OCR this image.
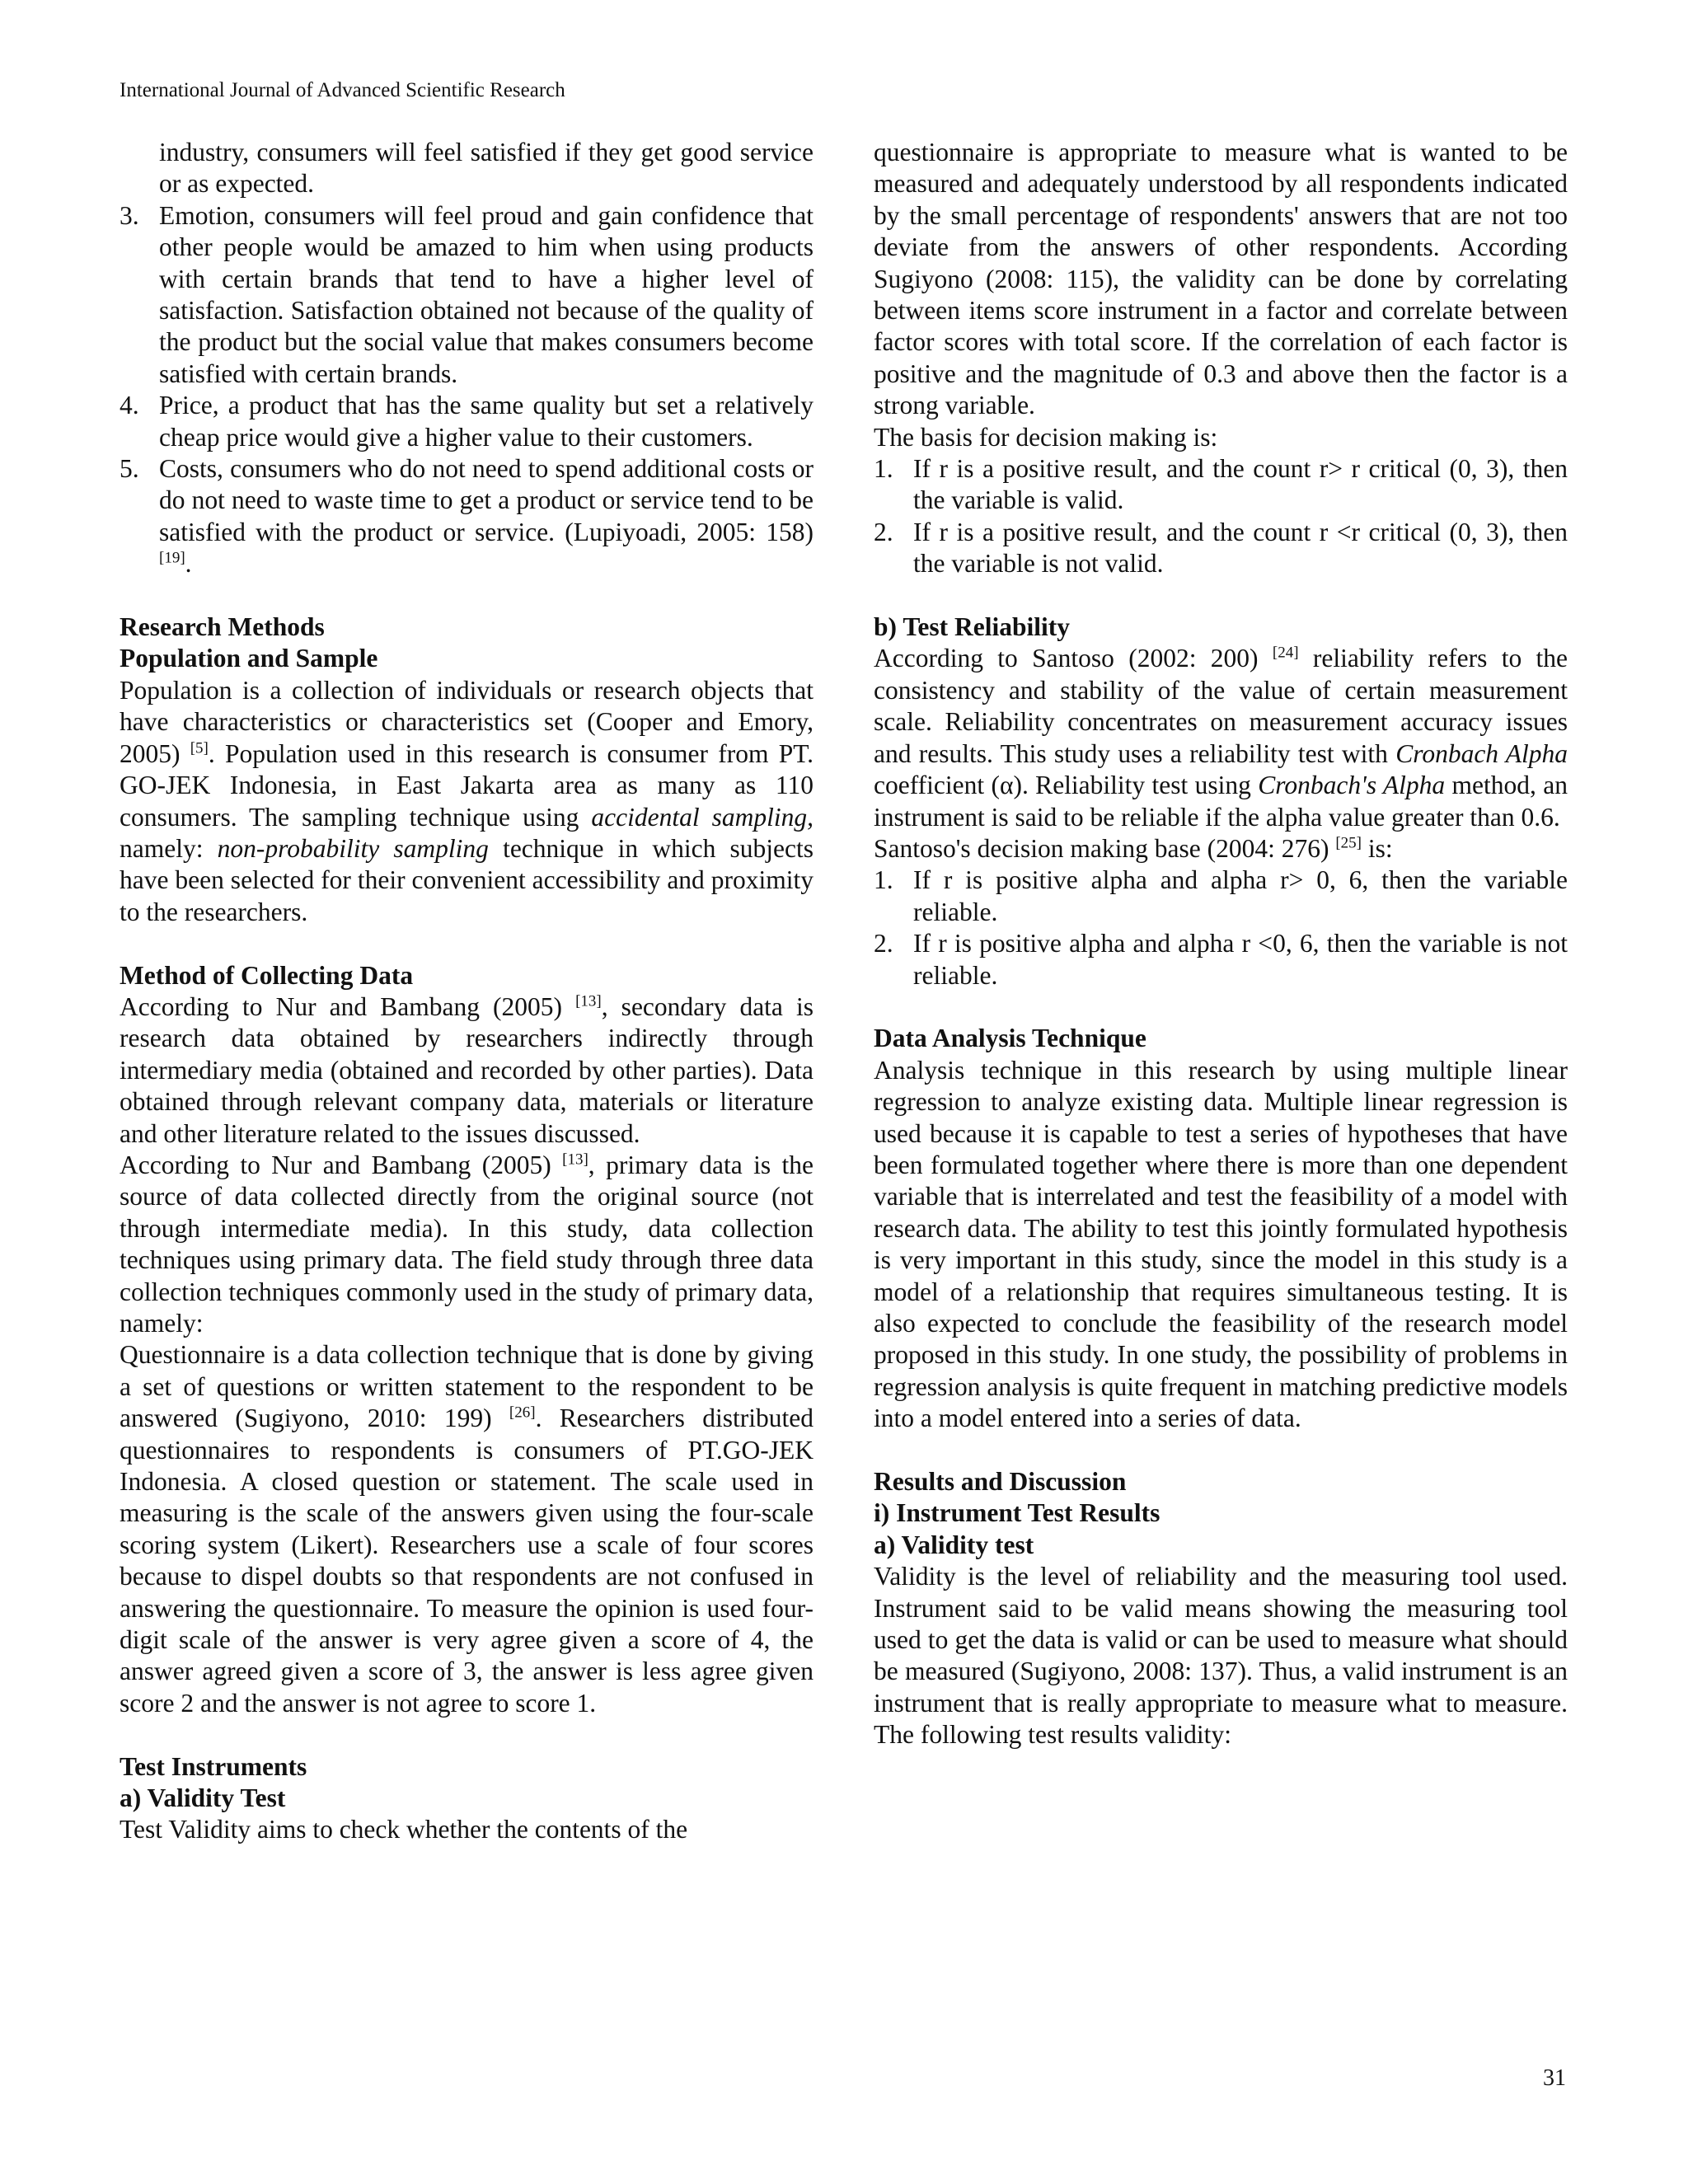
International Journal of Advanced Scientific Research

industry, consumers will feel satisfied if they get good service or as expected.

3. Emotion, consumers will feel proud and gain confidence that other people would be amazed to him when using products with certain brands that tend to have a higher level of satisfaction. Satisfaction obtained not because of the quality of the product but the social value that makes consumers become satisfied with certain brands.
4. Price, a product that has the same quality but set a relatively cheap price would give a higher value to their customers.
5. Costs, consumers who do not need to spend additional costs or do not need to waste time to get a product or service tend to be satisfied with the product or service. (Lupiyoadi, 2005: 158) [19].

Research Methods

Population and Sample

Population is a collection of individuals or research objects that have characteristics or characteristics set (Cooper and Emory, 2005) [5]. Population used in this research is consumer from PT. GO-JEK Indonesia, in East Jakarta area as many as 110 consumers. The sampling technique using accidental sampling, namely: non-probability sampling technique in which subjects have been selected for their convenient accessibility and proximity to the researchers.

Method of Collecting Data

According to Nur and Bambang (2005) [13], secondary data is research data obtained by researchers indirectly through intermediary media (obtained and recorded by other parties). Data obtained through relevant company data, materials or literature and other literature related to the issues discussed.

According to Nur and Bambang (2005) [13], primary data is the source of data collected directly from the original source (not through intermediate media). In this study, data collection techniques using primary data. The field study through three data collection techniques commonly used in the study of primary data, namely:

Questionnaire is a data collection technique that is done by giving a set of questions or written statement to the respondent to be answered (Sugiyono, 2010: 199) [26]. Researchers distributed questionnaires to respondents is consumers of PT.GO-JEK Indonesia. A closed question or statement. The scale used in measuring is the scale of the answers given using the four-scale scoring system (Likert). Researchers use a scale of four scores because to dispel doubts so that respondents are not confused in answering the questionnaire. To measure the opinion is used four-digit scale of the answer is very agree given a score of 4, the answer agreed given a score of 3, the answer is less agree given score 2 and the answer is not agree to score 1.

Test Instruments

a) Validity Test

Test Validity aims to check whether the contents of the

questionnaire is appropriate to measure what is wanted to be measured and adequately understood by all respondents indicated by the small percentage of respondents' answers that are not too deviate from the answers of other respondents. According Sugiyono (2008: 115), the validity can be done by correlating between items score instrument in a factor and correlate between factor scores with total score. If the correlation of each factor is positive and the magnitude of 0.3 and above then the factor is a strong variable.

The basis for decision making is:

1. If r is a positive result, and the count r> r critical (0, 3), then the variable is valid.
2. If r is a positive result, and the count r <r critical (0, 3), then the variable is not valid.

b) Test Reliability

According to Santoso (2002: 200) [24] reliability refers to the consistency and stability of the value of certain measurement scale. Reliability concentrates on measurement accuracy issues and results. This study uses a reliability test with Cronbach Alpha coefficient (α). Reliability test using Cronbach's Alpha method, an instrument is said to be reliable if the alpha value greater than 0.6.

Santoso's decision making base (2004: 276) [25] is:

1. If r is positive alpha and alpha r> 0, 6, then the variable reliable.
2. If r is positive alpha and alpha r <0, 6, then the variable is not reliable.

Data Analysis Technique

Analysis technique in this research by using multiple linear regression to analyze existing data. Multiple linear regression is used because it is capable to test a series of hypotheses that have been formulated together where there is more than one dependent variable that is interrelated and test the feasibility of a model with research data. The ability to test this jointly formulated hypothesis is very important in this study, since the model in this study is a model of a relationship that requires simultaneous testing. It is also expected to conclude the feasibility of the research model proposed in this study. In one study, the possibility of problems in regression analysis is quite frequent in matching predictive models into a model entered into a series of data.

Results and Discussion

i) Instrument Test Results

a) Validity test

Validity is the level of reliability and the measuring tool used. Instrument said to be valid means showing the measuring tool used to get the data is valid or can be used to measure what should be measured (Sugiyono, 2008: 137). Thus, a valid instrument is an instrument that is really appropriate to measure what to measure. The following test results validity:

31
